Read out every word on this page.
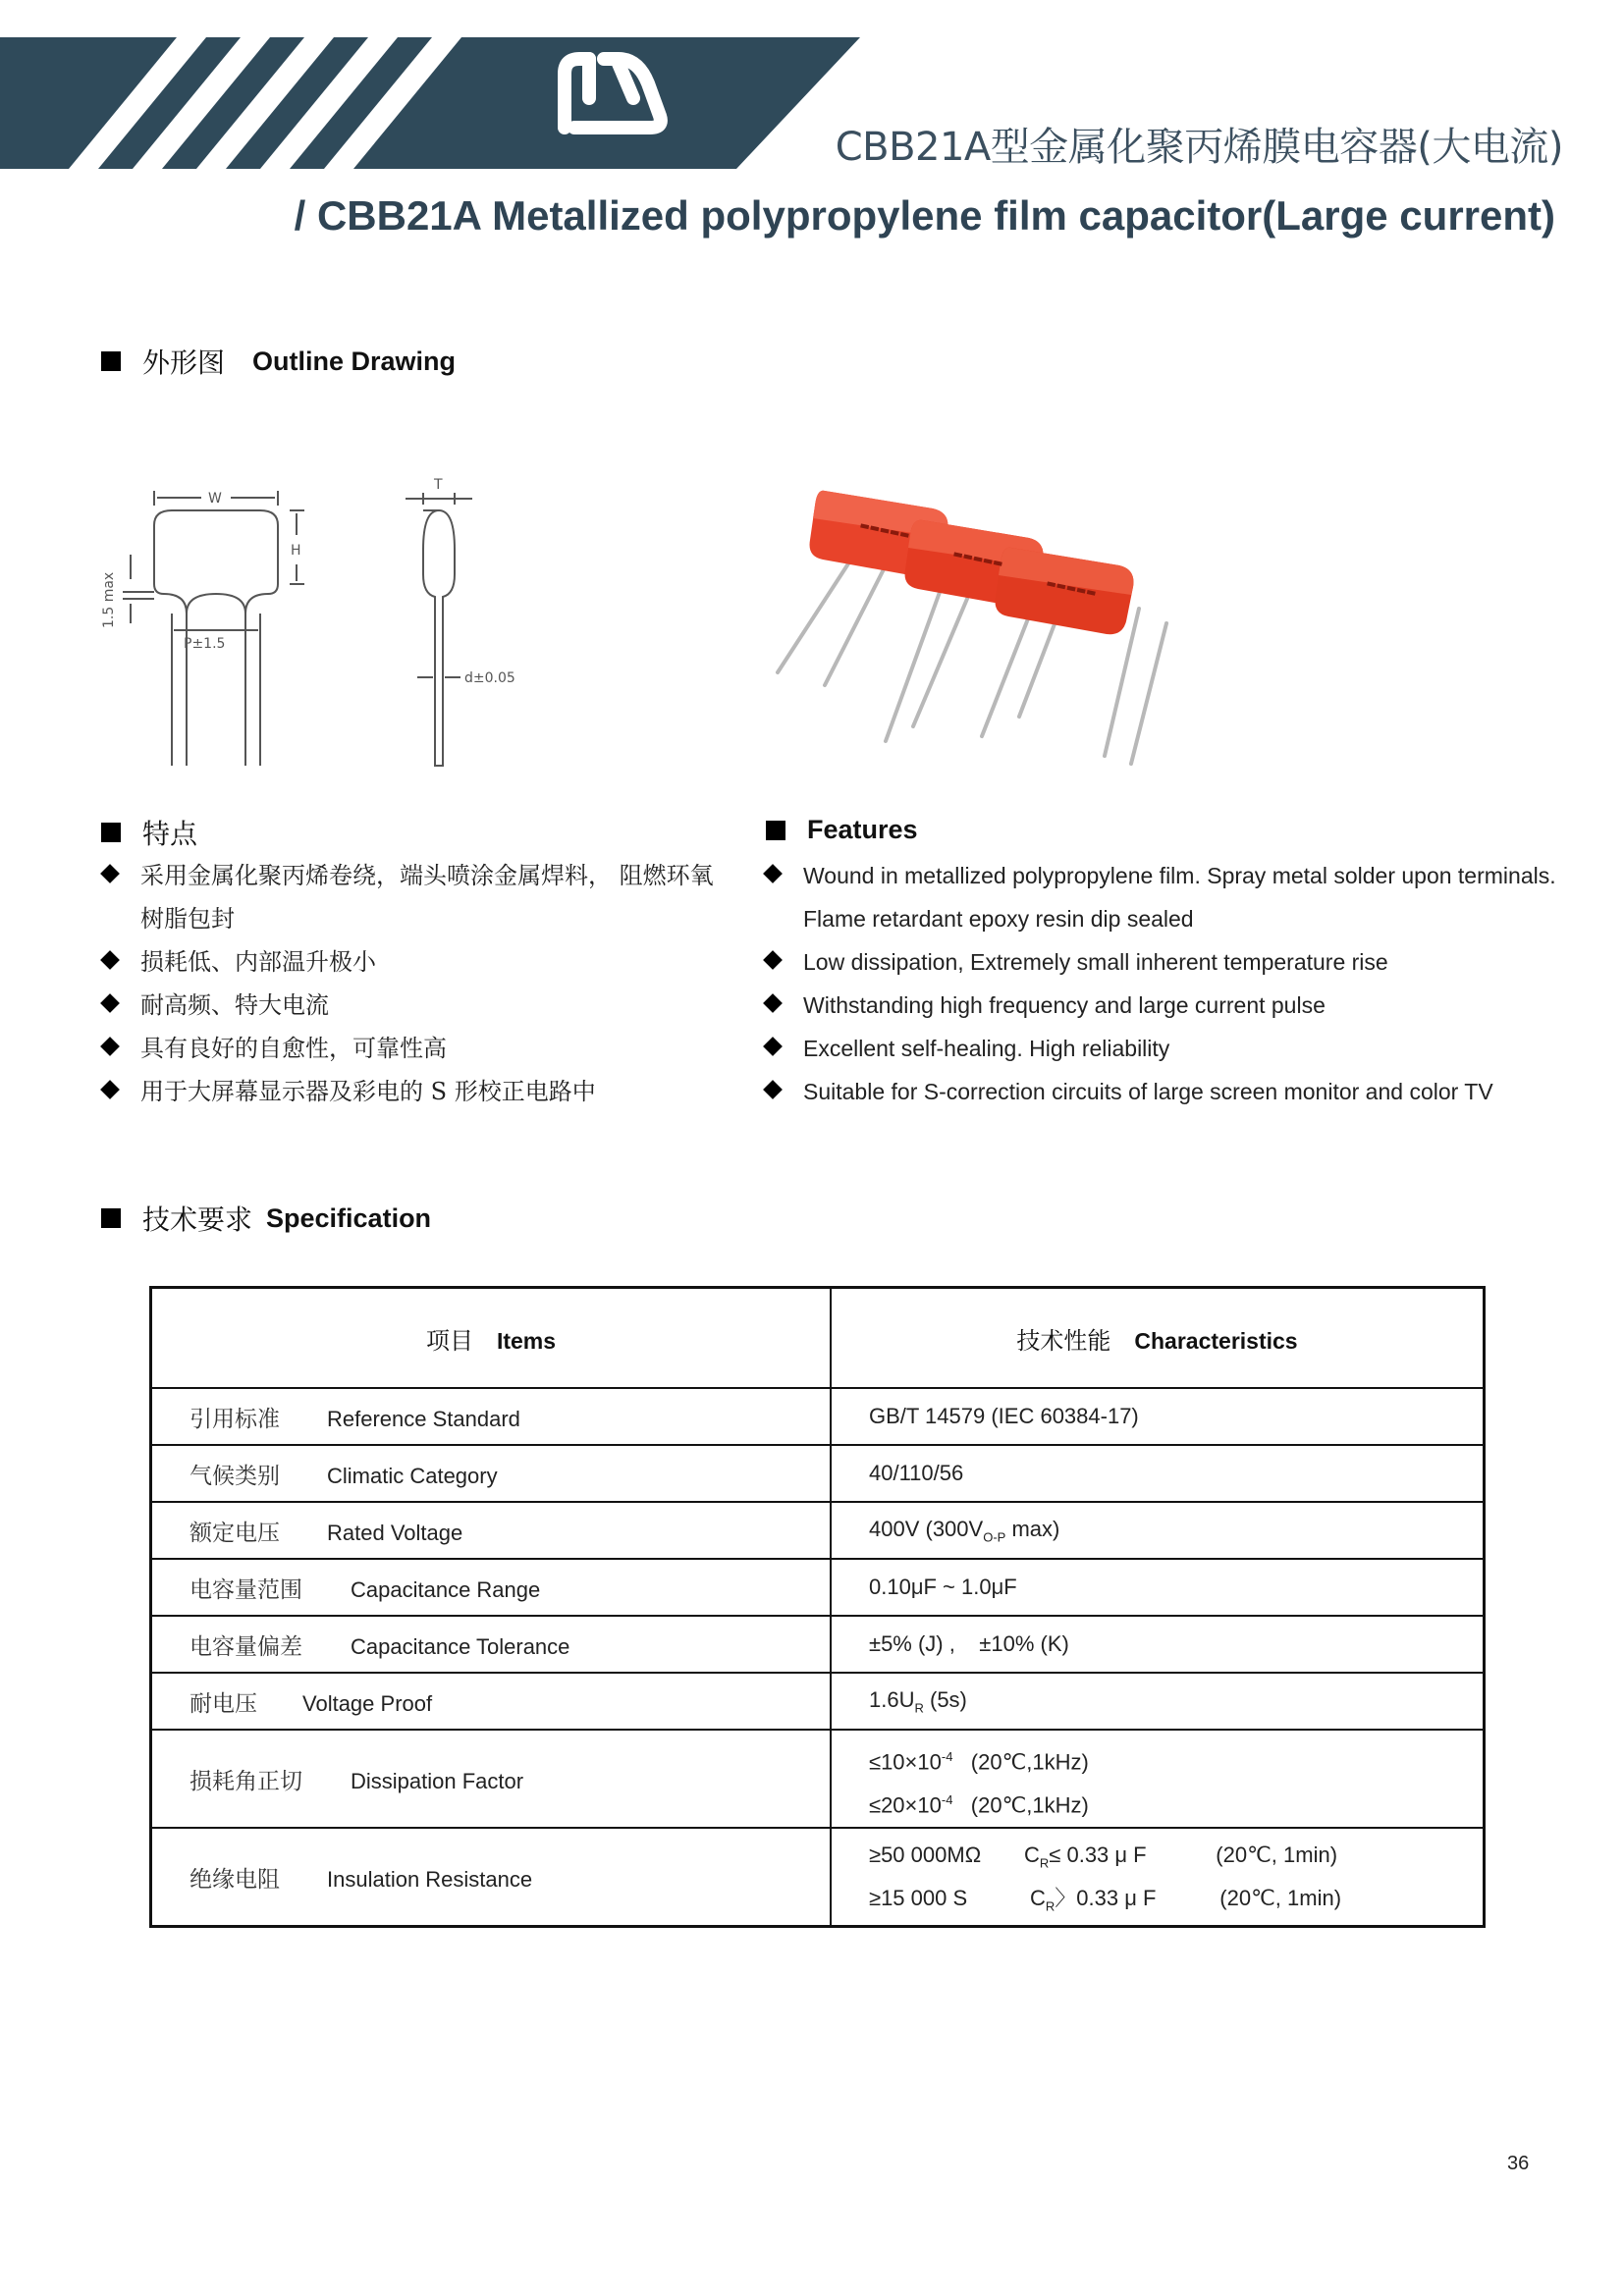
CBB21A型金属化聚丙烯膜电容器(大电流)
/ CBB21A Metallized polypropylene film capacitor(Large current)
外形图 Outline Drawing
W
H
T
1.5 max
P±1.5
d±0.05
▬▬▬▬▬
▬▬▬▬▬
▬▬▬▬▬
特点
采用金属化聚丙烯卷绕，端头喷涂金属焊料， 阻燃环氧树脂包封
损耗低、内部温升极小
耐高频、特大电流
具有良好的自愈性，可靠性高
用于大屏幕显示器及彩电的 S 形校正电路中
Features
Wound in metallized polypropylene film. Spray metal solder upon terminals. Flame retardant epoxy resin dip sealed
Low dissipation, Extremely small inherent temperature rise
Withstanding high frequency and large current pulse
Excellent self-healing. High reliability
Suitable for S-correction circuits of large screen monitor and color TV
技术要求 Specification
项目 Items	技术性能 Characteristics
引用标准 Reference Standard	GB/T 14579 (IEC 60384-17)
气候类别 Climatic Category	40/110/56
额定电压 Rated Voltage	400V ($300V_{O-P}$ max)
电容量范围 Capacitance Range	0.10μF ~ 1.0μF
电容量偏差 Capacitance Tolerance	±5% (J) ,    ±10% (K)
耐电压 Voltage Proof	$1.6U_R$ (5s)
损耗角正切 Dissipation Factor	$\le 10\times 10^{-4}$   (20℃,1kHz)
$\le 20\times 10^{-4}$   (20℃,1kHz)

绝缘电阻 Insulation Resistance	≥50 000MΩ $C_R\le 0.33$ μ F (20℃, 1min)
≥15 000 S $C_R$〉0.33 μ F (20℃, 1min)
36
